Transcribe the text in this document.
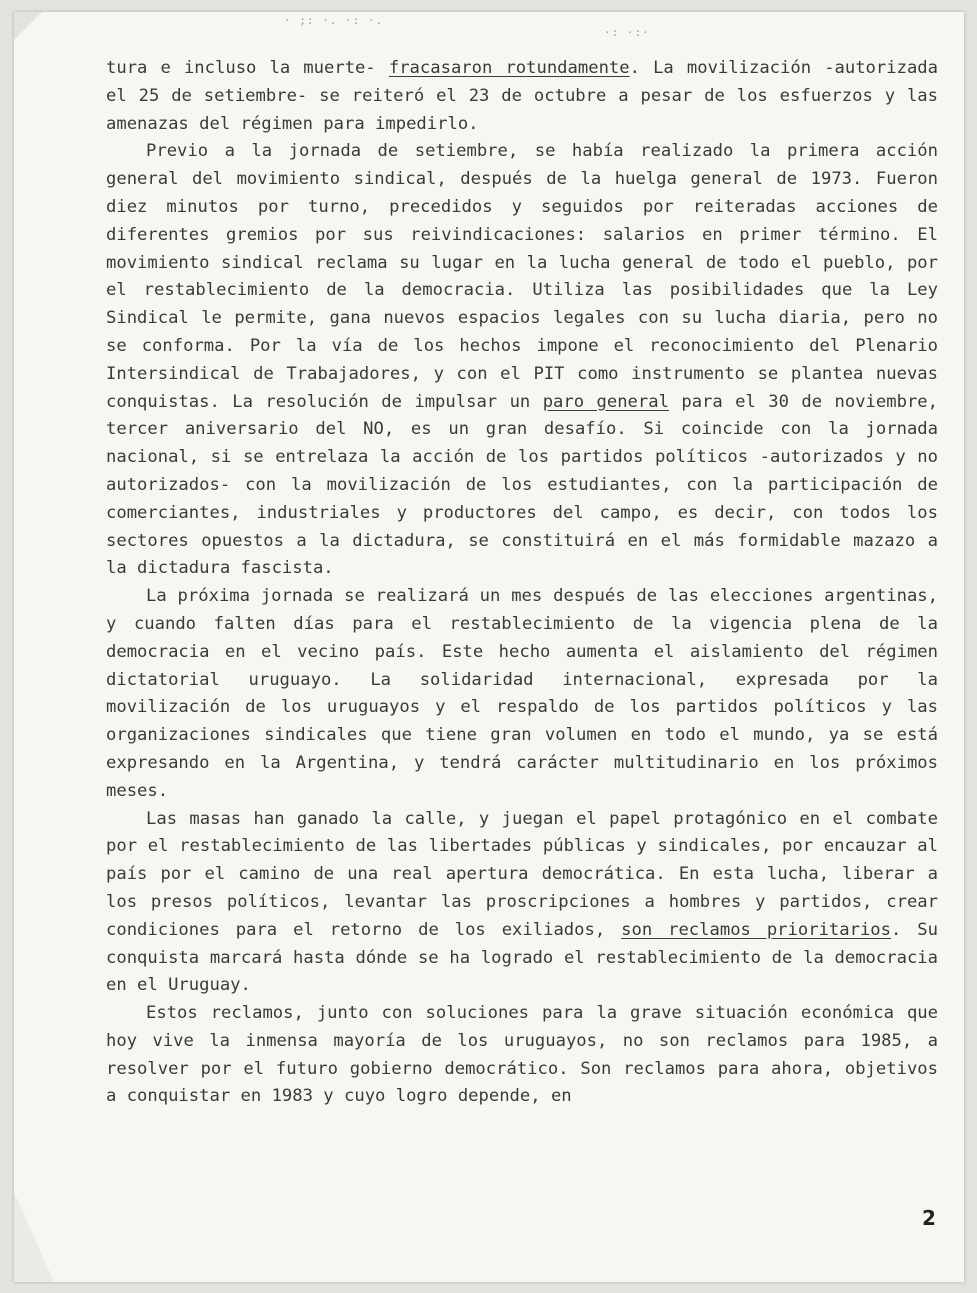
· ;: ·. ·: ·.
·: ·:·

tura e incluso la muerte- fracasaron rotundamente. La movilización -autorizada el 25 de setiembre- se reiteró el 23 de octubre a pesar de los esfuerzos y las amenazas del régimen para impedirlo.

Previo a la jornada de setiembre, se había realizado la primera acción general del movimiento sindical, después de la huelga general de 1973. Fueron diez minutos por turno, precedidos y seguidos por reiteradas acciones de diferentes gremios por sus reivindicaciones: salarios en primer término. El movimiento sindical reclama su lugar en la lucha general de todo el pueblo, por el restablecimiento de la democracia. Utiliza las posibilidades que la Ley Sindical le permite, gana nuevos espacios legales con su lucha diaria, pero no se conforma. Por la vía de los hechos impone el reconocimiento del Plenario Intersindical de Trabajadores, y con el PIT como instrumento se plantea nuevas conquistas. La resolución de impulsar un paro general para el 30 de noviembre, tercer aniversario del NO, es un gran desafío. Si coincide con la jornada nacional, si se entrelaza la acción de los partidos políticos -autorizados y no autorizados- con la movilización de los estudiantes, con la participación de comerciantes, industriales y productores del campo, es decir, con todos los sectores opuestos a la dictadura, se constituirá en el más formidable mazazo a la dictadura fascista.

La próxima jornada se realizará un mes después de las elecciones argentinas, y cuando falten días para el restablecimiento de la vigencia plena de la democracia en el vecino país. Este hecho aumenta el aislamiento del régimen dictatorial uruguayo. La solidaridad internacional, expresada por la movilización de los uruguayos y el respaldo de los partidos políticos y las organizaciones sindicales que tiene gran volumen en todo el mundo, ya se está expresando en la Argentina, y tendrá carácter multitudinario en los próximos meses.

Las masas han ganado la calle, y juegan el papel protagónico en el combate por el restablecimiento de las libertades públicas y sindicales, por encauzar al país por el camino de una real apertura democrática. En esta lucha, liberar a los presos políticos, levantar las proscripciones a hombres y partidos, crear condiciones para el retorno de los exiliados, son reclamos prioritarios. Su conquista marcará hasta dónde se ha logrado el restablecimiento de la democracia en el Uruguay.

Estos reclamos, junto con soluciones para la grave situación económica que hoy vive la inmensa mayoría de los uruguayos, no son reclamos para 1985, a resolver por el futuro gobierno democrático. Son reclamos para ahora, objetivos a conquistar en 1983 y cuyo logro depende, en

2
